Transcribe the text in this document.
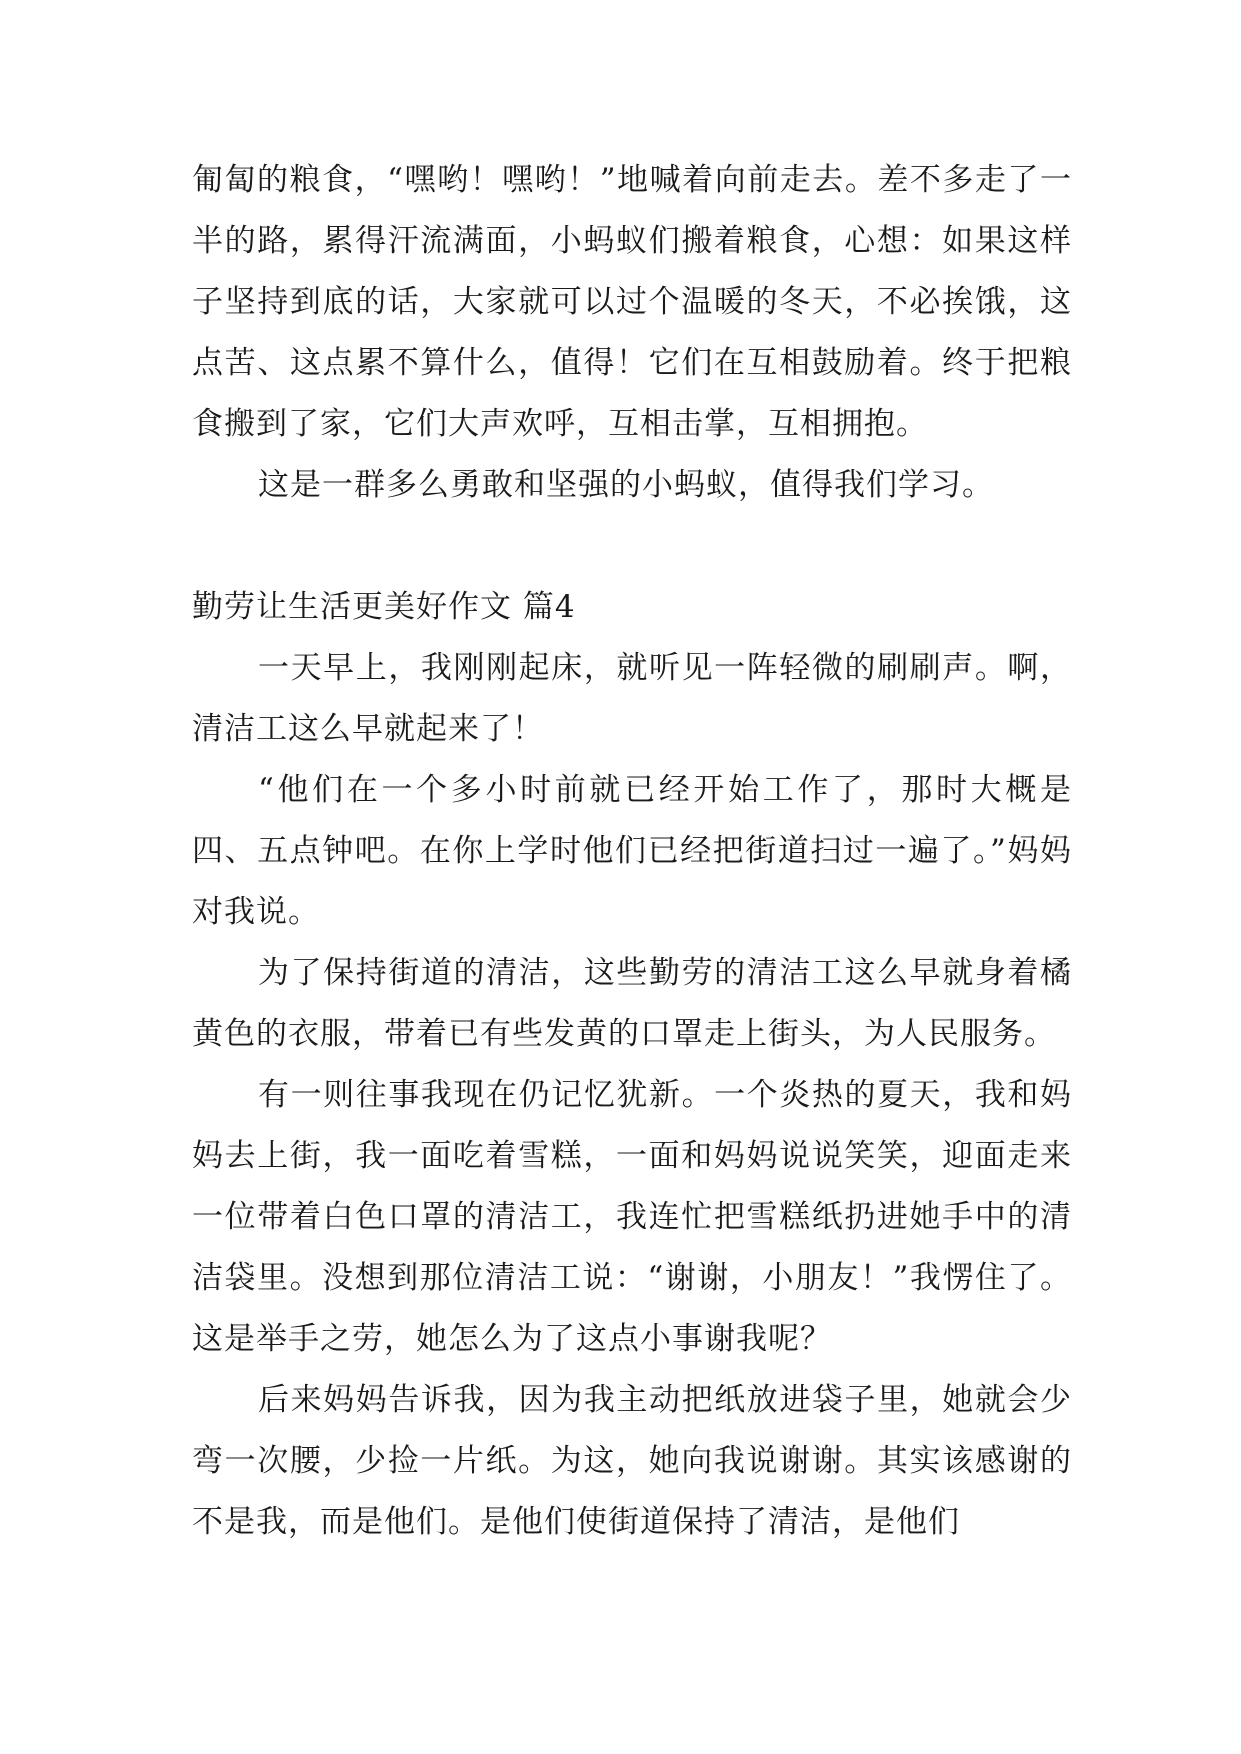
匍匐的粮食，“嘿哟！嘿哟！”地喊着向前走去。差不多走了一半的路，累得汗流满面，小蚂蚁们搬着粮食，心想：如果这样子坚持到底的话，大家就可以过个温暖的冬天，不必挨饿，这点苦、这点累不算什么，值得！它们在互相鼓励着。终于把粮食搬到了家，它们大声欢呼，互相击掌，互相拥抱。

这是一群多么勇敢和坚强的小蚂蚁，值得我们学习。

勤劳让生活更美好作文 篇4

一天早上，我刚刚起床，就听见一阵轻微的刷刷声。啊，清洁工这么早就起来了！

“他们在一个多小时前就已经开始工作了，那时大概是四、五点钟吧。在你上学时他们已经把街道扫过一遍了。”妈妈对我说。

为了保持街道的清洁，这些勤劳的清洁工这么早就身着橘黄色的衣服，带着已有些发黄的口罩走上街头，为人民服务。

有一则往事我现在仍记忆犹新。一个炎热的夏天，我和妈妈去上街，我一面吃着雪糕，一面和妈妈说说笑笑，迎面走来一位带着白色口罩的清洁工，我连忙把雪糕纸扔进她手中的清洁袋里。没想到那位清洁工说：“谢谢，小朋友！”我愣住了。这是举手之劳，她怎么为了这点小事谢我呢？

后来妈妈告诉我，因为我主动把纸放进袋子里，她就会少弯一次腰，少捡一片纸。为这，她向我说谢谢。其实该感谢的不是我，而是他们。是他们使街道保持了清洁，是他们
